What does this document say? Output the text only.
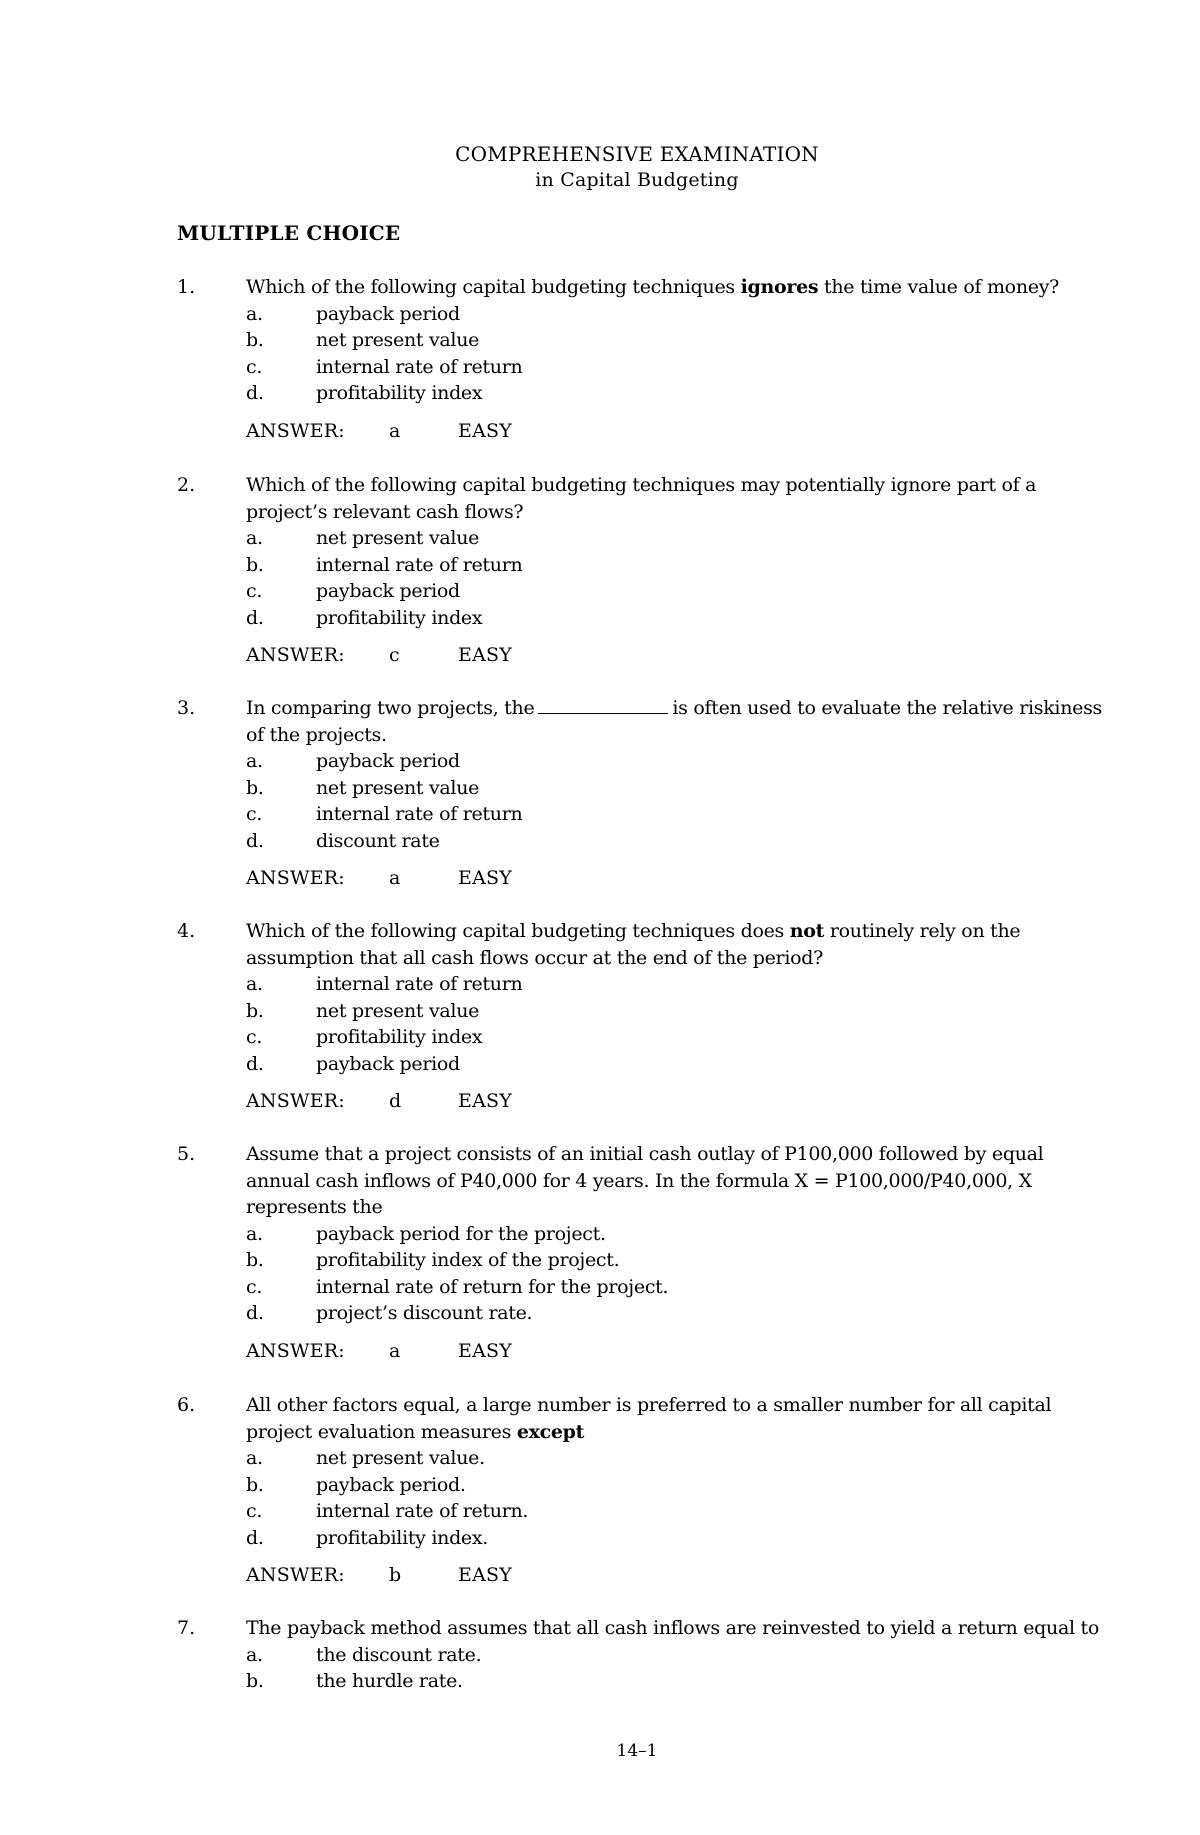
COMPREHENSIVE EXAMINATION
in Capital Budgeting
MULTIPLE CHOICE
1.	Which of the following capital budgeting techniques ignores the time value of money?
a.	payback period
b.	net present value
c.	internal rate of return
d.	profitability index
ANSWER: a	EASY
2.	Which of the following capital budgeting techniques may potentially ignore part of a project’s relevant cash flows?
a.	net present value
b.	internal rate of return
c.	payback period
d.	profitability index
ANSWER: c	EASY
3.	In comparing two projects, the	is often used to evaluate the relative riskiness of the projects.
a.	payback period
b.	net present value
c.	internal rate of return
d.	discount rate
ANSWER: a	EASY
4.	Which of the following capital budgeting techniques does not routinely rely on the assumption that all cash flows occur at the end of the period?
a.	internal rate of return
b.	net present value
c.	profitability index
d.	payback period
ANSWER: d	EASY
5.	Assume that a project consists of an initial cash outlay of P100,000 followed by equal annual cash inflows of P40,000 for 4 years. In the formula X = P100,000/P40,000, X represents the
a.	payback period for the project.
b.	profitability index of the project.
c.	internal rate of return for the project.
d.	project’s discount rate.
ANSWER: a	EASY
6.	All other factors equal, a large number is preferred to a smaller number for all capital project evaluation measures except
a.	net present value.
b.	payback period.
c.	internal rate of return.
d.	profitability index.
ANSWER: b	EASY
7.	The payback method assumes that all cash inflows are reinvested to yield a return equal to
a.	the discount rate.
b.	the hurdle rate.
14–1
